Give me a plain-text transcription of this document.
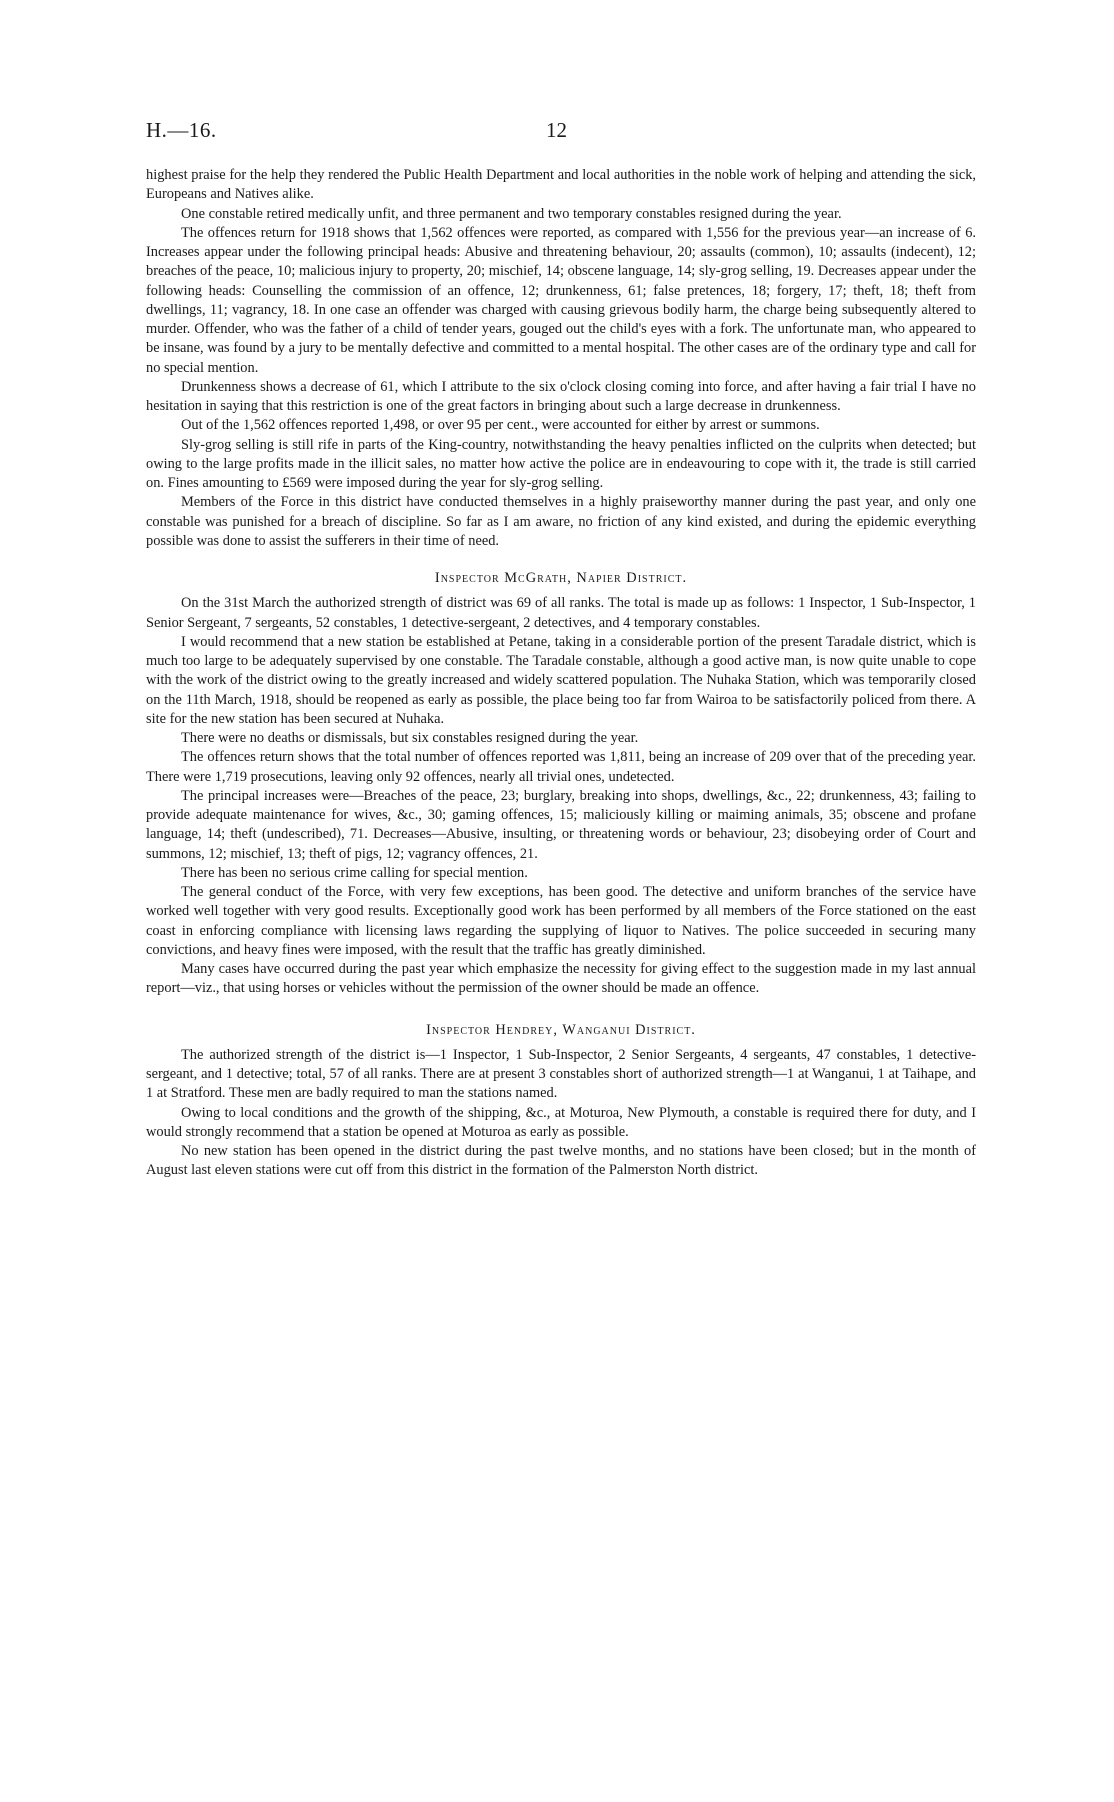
H.—16.	12

highest praise for the help they rendered the Public Health Department and local authorities in the noble work of helping and attending the sick, Europeans and Natives alike.

One constable retired medically unfit, and three permanent and two temporary constables resigned during the year.

The offences return for 1918 shows that 1,562 offences were reported, as compared with 1,556 for the previous year—an increase of 6. Increases appear under the following principal heads: Abusive and threatening behaviour, 20; assaults (common), 10; assaults (indecent), 12; breaches of the peace, 10; malicious injury to property, 20; mischief, 14; obscene language, 14; sly-grog selling, 19. Decreases appear under the following heads: Counselling the commission of an offence, 12; drunkenness, 61; false pretences, 18; forgery, 17; theft, 18; theft from dwellings, 11; vagrancy, 18. In one case an offender was charged with causing grievous bodily harm, the charge being subsequently altered to murder. Offender, who was the father of a child of tender years, gouged out the child's eyes with a fork. The unfortunate man, who appeared to be insane, was found by a jury to be mentally defective and committed to a mental hospital. The other cases are of the ordinary type and call for no special mention.

Drunkenness shows a decrease of 61, which I attribute to the six o'clock closing coming into force, and after having a fair trial I have no hesitation in saying that this restriction is one of the great factors in bringing about such a large decrease in drunkenness.

Out of the 1,562 offences reported 1,498, or over 95 per cent., were accounted for either by arrest or summons.

Sly-grog selling is still rife in parts of the King-country, notwithstanding the heavy penalties inflicted on the culprits when detected; but owing to the large profits made in the illicit sales, no matter how active the police are in endeavouring to cope with it, the trade is still carried on. Fines amounting to £569 were imposed during the year for sly-grog selling.

Members of the Force in this district have conducted themselves in a highly praiseworthy manner during the past year, and only one constable was punished for a breach of discipline. So far as I am aware, no friction of any kind existed, and during the epidemic everything possible was done to assist the sufferers in their time of need.

Inspector McGrath, Napier District.

On the 31st March the authorized strength of district was 69 of all ranks. The total is made up as follows: 1 Inspector, 1 Sub-Inspector, 1 Senior Sergeant, 7 sergeants, 52 constables, 1 detective-sergeant, 2 detectives, and 4 temporary constables.

I would recommend that a new station be established at Petane, taking in a considerable portion of the present Taradale district, which is much too large to be adequately supervised by one constable. The Taradale constable, although a good active man, is now quite unable to cope with the work of the district owing to the greatly increased and widely scattered population. The Nuhaka Station, which was temporarily closed on the 11th March, 1918, should be reopened as early as possible, the place being too far from Wairoa to be satisfactorily policed from there. A site for the new station has been secured at Nuhaka.

There were no deaths or dismissals, but six constables resigned during the year.

The offences return shows that the total number of offences reported was 1,811, being an increase of 209 over that of the preceding year. There were 1,719 prosecutions, leaving only 92 offences, nearly all trivial ones, undetected.

The principal increases were—Breaches of the peace, 23; burglary, breaking into shops, dwellings, &c., 22; drunkenness, 43; failing to provide adequate maintenance for wives, &c., 30; gaming offences, 15; maliciously killing or maiming animals, 35; obscene and profane language, 14; theft (undescribed), 71. Decreases—Abusive, insulting, or threatening words or behaviour, 23; disobeying order of Court and summons, 12; mischief, 13; theft of pigs, 12; vagrancy offences, 21.

There has been no serious crime calling for special mention.

The general conduct of the Force, with very few exceptions, has been good. The detective and uniform branches of the service have worked well together with very good results. Exceptionally good work has been performed by all members of the Force stationed on the east coast in enforcing compliance with licensing laws regarding the supplying of liquor to Natives. The police succeeded in securing many convictions, and heavy fines were imposed, with the result that the traffic has greatly diminished.

Many cases have occurred during the past year which emphasize the necessity for giving effect to the suggestion made in my last annual report—viz., that using horses or vehicles without the permission of the owner should be made an offence.

Inspector Hendrey, Wanganui District.

The authorized strength of the district is—1 Inspector, 1 Sub-Inspector, 2 Senior Sergeants, 4 sergeants, 47 constables, 1 detective-sergeant, and 1 detective; total, 57 of all ranks. There are at present 3 constables short of authorized strength—1 at Wanganui, 1 at Taihape, and 1 at Stratford. These men are badly required to man the stations named.

Owing to local conditions and the growth of the shipping, &c., at Moturoa, New Plymouth, a constable is required there for duty, and I would strongly recommend that a station be opened at Moturoa as early as possible.

No new station has been opened in the district during the past twelve months, and no stations have been closed; but in the month of August last eleven stations were cut off from this district in the formation of the Palmerston North district.
